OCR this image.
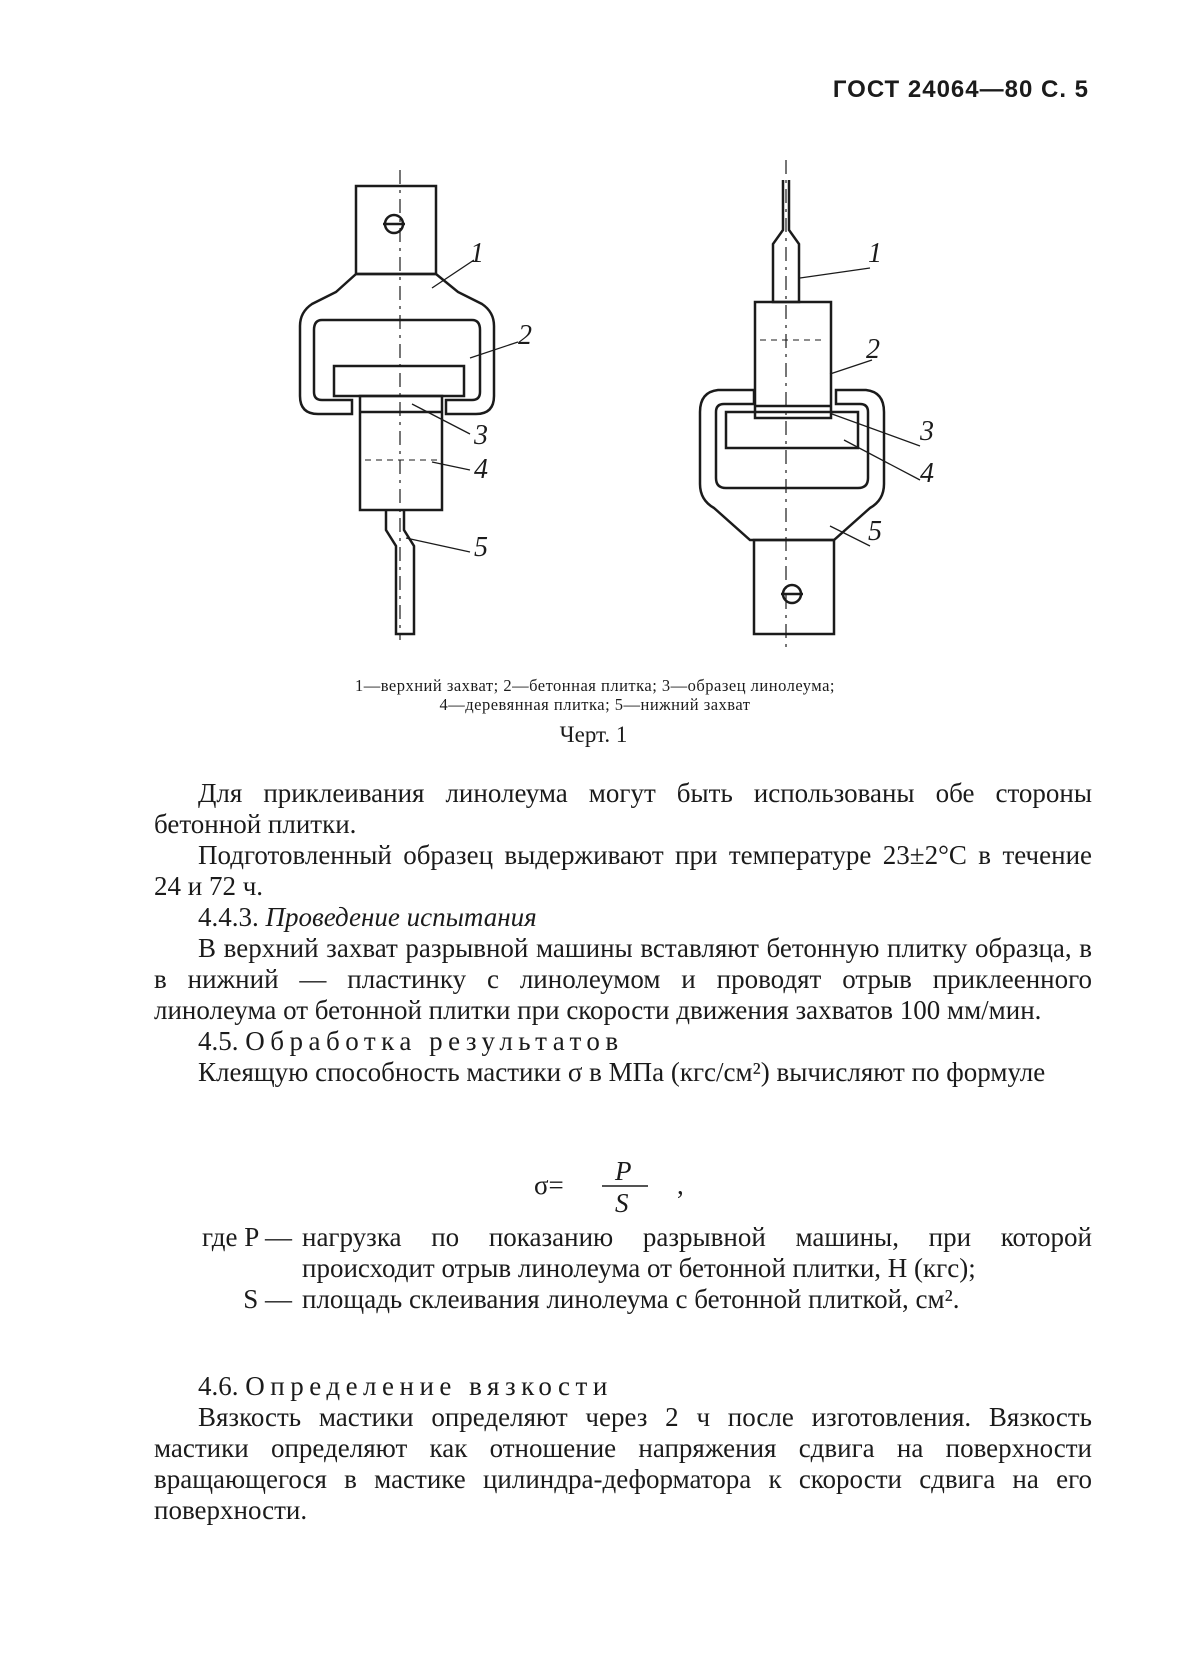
ГОСТ 24064—80 С. 5
1
2
3
4
5
1
2
3
4
5
1—верхний захват; 2—бетонная плитка; 3—образец линолеума;
4—деревянная плитка; 5—нижний захват
Черт. 1

Для приклеивания линолеума могут быть использованы обе стороны бетонной плитки.

Подготовленный образец выдерживают при температуре 23±2°С в течение 24 и 72 ч.

4.4.3. Проведение испытания

В верхний захват разрывной машины вставляют бетонную плитку образца, в в нижний — пластинку с линолеумом и проводят отрыв приклеенного линолеума от бетонной плитки при скорости движения захватов 100 мм/мин.

4.5. Обработка результатов

Клеящую способность мастики σ в МПа (кгс/см²) вычисляют по формуле

σ= P
S
,
где P — нагрузка по показанию разрывной машины, при которой происходит отрыв линолеума от бетонной плитки, Н (кгс);
S — площадь склеивания линолеума с бетонной плиткой, см².

4.6. Определение вязкости

Вязкость мастики определяют через 2 ч после изготовления. Вязкость мастики определяют как отношение напряжения сдвига на поверхности вращающегося в мастике цилиндра-деформатора к скорости сдвига на его поверхности.
